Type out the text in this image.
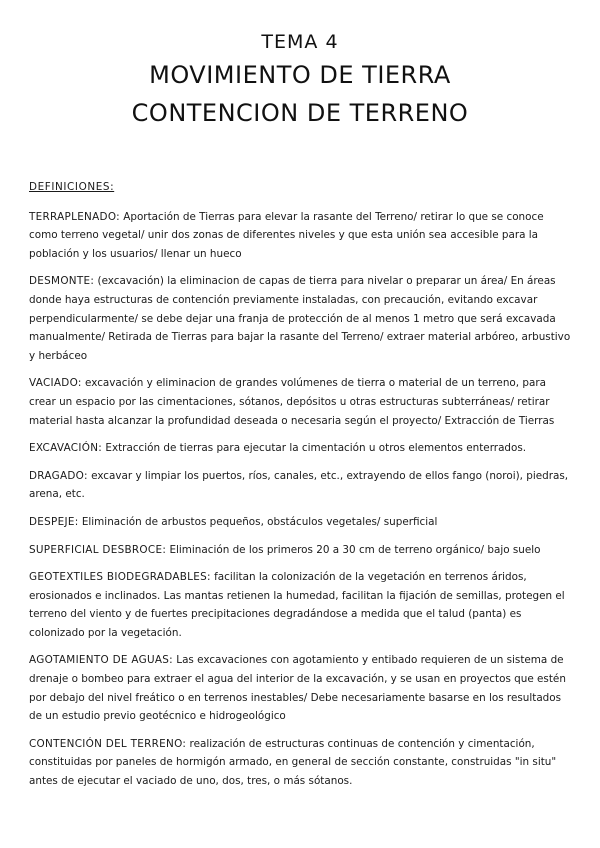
TEMA 4
MOVIMIENTO DE TIERRA
CONTENCION DE TERRENO
DEFINICIONES:

TERRAPLENADO: Aportación de Tierras para elevar la rasante del Terreno/ retirar lo que se conoce como terreno vegetal/ unir dos zonas de diferentes niveles y que esta unión sea accesible para la población y los usuarios/ llenar un hueco

DESMONTE: (excavación) la eliminacion de capas de tierra para nivelar o preparar un área/ En áreas donde haya estructuras de contención previamente instaladas, con precaución, evitando excavar perpendicularmente/ se debe dejar una franja de protección de al menos 1 metro que será excavada manualmente/ Retirada de Tierras para bajar la rasante del Terreno/ extraer material arbóreo, arbustivo y herbáceo

VACIADO: excavación y eliminacion de grandes volúmenes de tierra o material de un terreno, para crear un espacio por las cimentaciones, sótanos, depósitos u otras estructuras subterráneas/ retirar material hasta alcanzar la profundidad deseada o necesaria según el proyecto/ Extracción de Tierras

EXCAVACIÓN: Extracción de tierras para ejecutar la cimentación u otros elementos enterrados.

DRAGADO: excavar y limpiar los puertos, ríos, canales, etc., extrayendo de ellos fango (noroi), piedras, arena, etc.

DESPEJE: Eliminación de arbustos pequeños, obstáculos vegetales/ superficial

SUPERFICIAL DESBROCE: Eliminación de los primeros 20 a 30 cm de terreno orgánico/ bajo suelo

GEOTEXTILES BIODEGRADABLES: facilitan la colonización de la vegetación en terrenos áridos, erosionados e inclinados. Las mantas retienen la humedad, facilitan la fijación de semillas, protegen el terreno del viento y de fuertes precipitaciones degradándose a medida que el talud (panta) es colonizado por la vegetación.

AGOTAMIENTO DE AGUAS: Las excavaciones con agotamiento y entibado requieren de un sistema de drenaje o bombeo para extraer el agua del interior de la excavación, y se usan en proyectos que estén por debajo del nivel freático o en terrenos inestables/ Debe necesariamente basarse en los resultados de un estudio previo geotécnico e hidrogeológico

CONTENCIÓN DEL TERRENO: realización de estructuras continuas de contención y cimentación, constituidas por paneles de hormigón armado, en general de sección constante, construidas "in situ" antes de ejecutar el vaciado de uno, dos, tres, o más sótanos.
